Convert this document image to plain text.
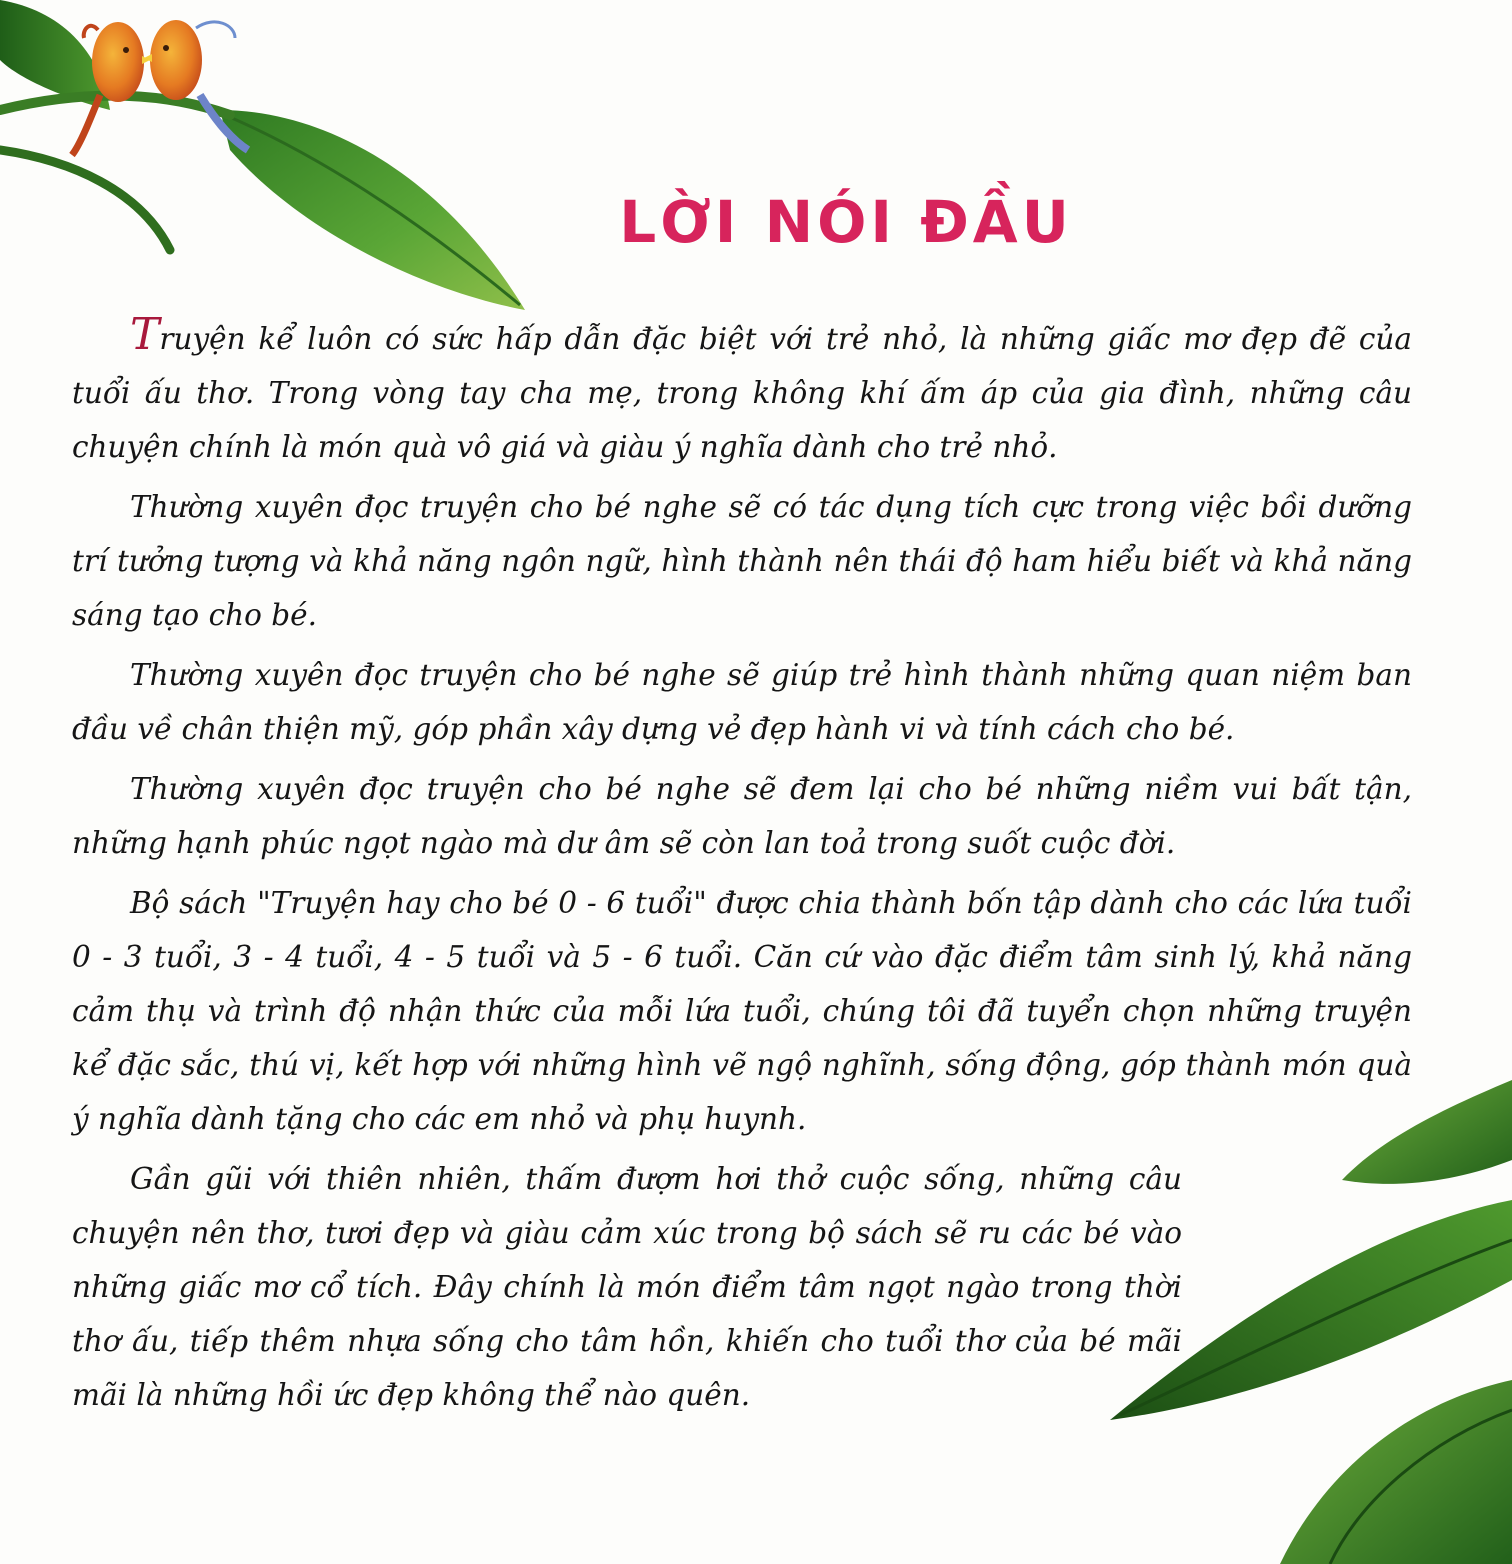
LỜI NÓI ĐẦU

Truyện kể luôn có sức hấp dẫn đặc biệt với trẻ nhỏ, là những giấc mơ đẹp đẽ của tuổi ấu thơ. Trong vòng tay cha mẹ, trong không khí ấm áp của gia đình, những câu chuyện chính là món quà vô giá và giàu ý nghĩa dành cho trẻ nhỏ.

Thường xuyên đọc truyện cho bé nghe sẽ có tác dụng tích cực trong việc bồi dưỡng trí tưởng tượng và khả năng ngôn ngữ, hình thành nên thái độ ham hiểu biết và khả năng sáng tạo cho bé.

Thường xuyên đọc truyện cho bé nghe sẽ giúp trẻ hình thành những quan niệm ban đầu về chân thiện mỹ, góp phần xây dựng vẻ đẹp hành vi và tính cách cho bé.

Thường xuyên đọc truyện cho bé nghe sẽ đem lại cho bé những niềm vui bất tận, những hạnh phúc ngọt ngào mà dư âm sẽ còn lan toả trong suốt cuộc đời.

Bộ sách "Truyện hay cho bé 0 - 6 tuổi" được chia thành bốn tập dành cho các lứa tuổi 0 - 3 tuổi, 3 - 4 tuổi, 4 - 5 tuổi và 5 - 6 tuổi. Căn cứ vào đặc điểm tâm sinh lý, khả năng cảm thụ và trình độ nhận thức của mỗi lứa tuổi, chúng tôi đã tuyển chọn những truyện kể đặc sắc, thú vị, kết hợp với những hình vẽ ngộ nghĩnh, sống động, góp thành món quà ý nghĩa dành tặng cho các em nhỏ và phụ huynh.

Gần gũi với thiên nhiên, thấm đượm hơi thở cuộc sống, những câu chuyện nên thơ, tươi đẹp và giàu cảm xúc trong bộ sách sẽ ru các bé vào những giấc mơ cổ tích. Đây chính là món điểm tâm ngọt ngào trong thời thơ ấu, tiếp thêm nhựa sống cho tâm hồn, khiến cho tuổi thơ của bé mãi mãi là những hồi ức đẹp không thể nào quên.
